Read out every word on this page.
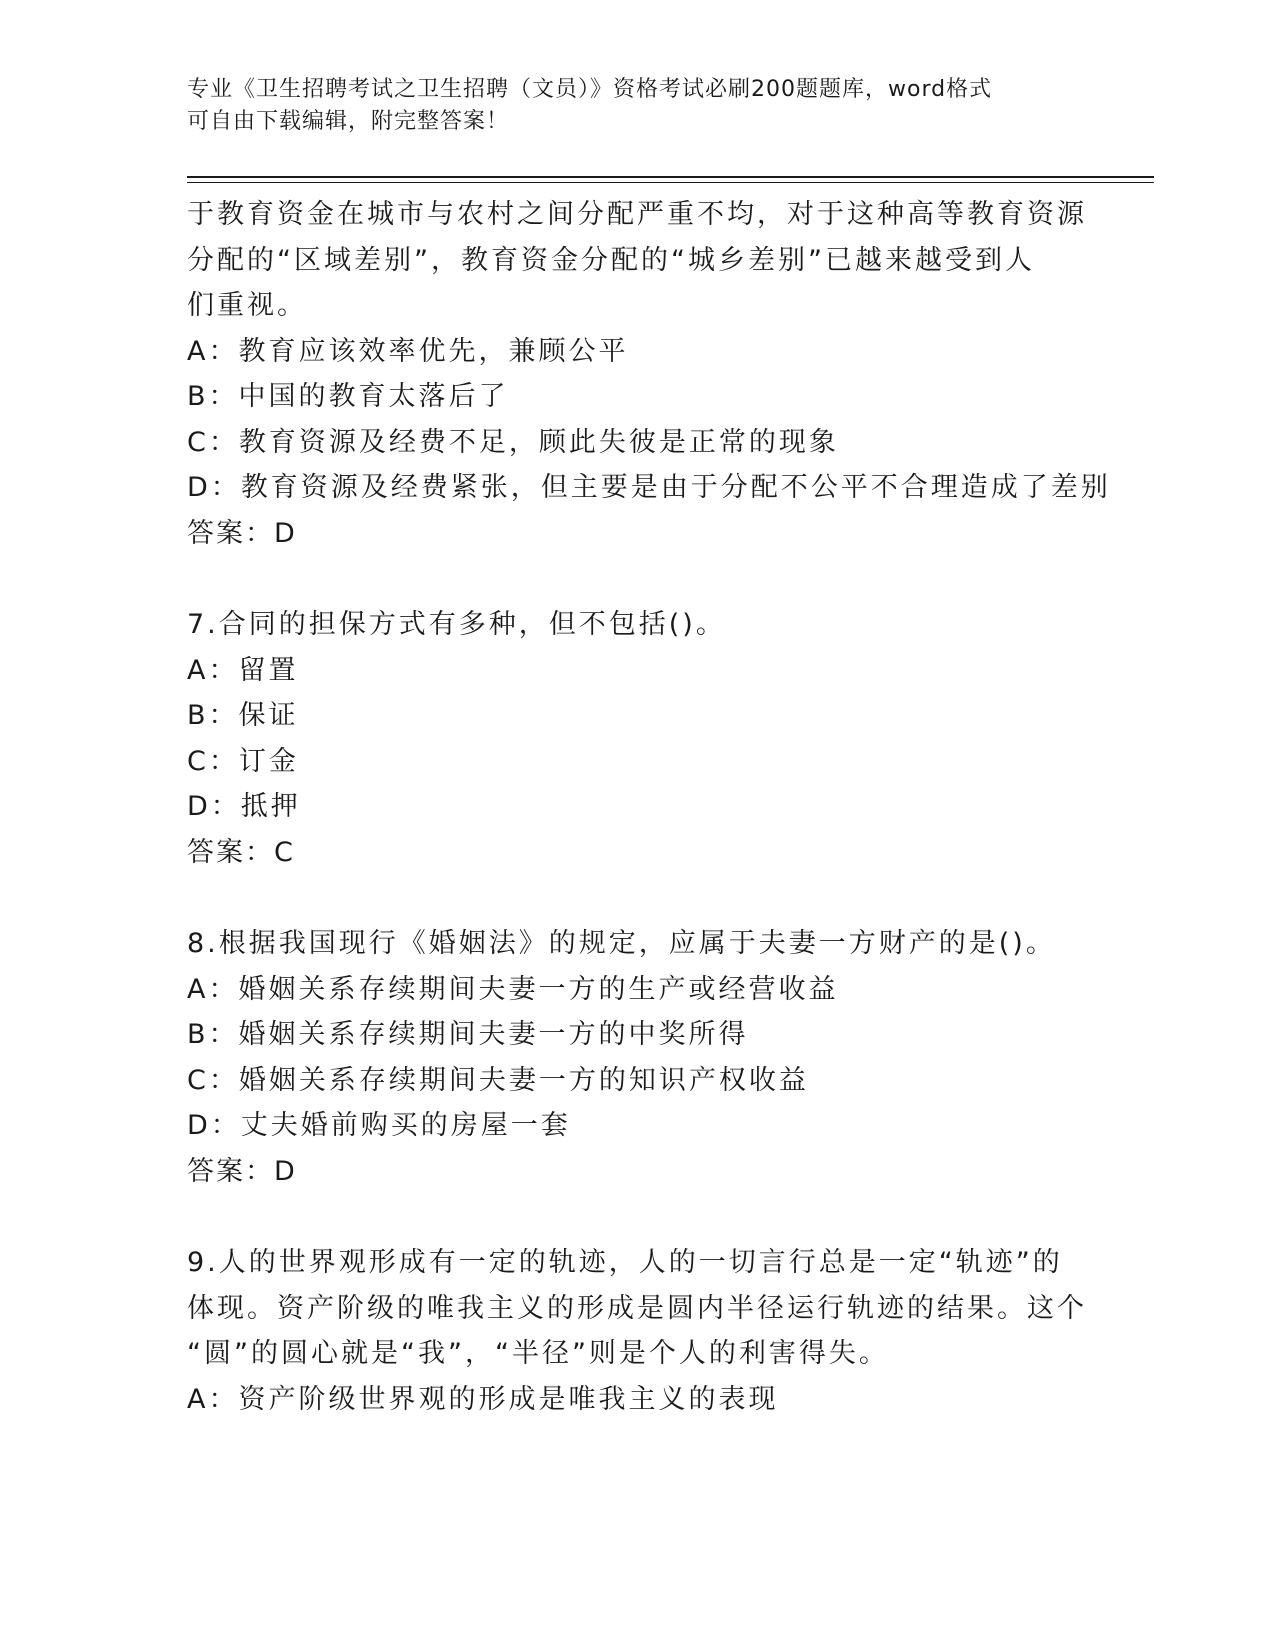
专业《卫生招聘考试之卫生招聘（文员）》资格考试必刷200题题库，word格式
可自由下载编辑，附完整答案！
于教育资金在城市与农村之间分配严重不均，对于这种高等教育资源
分配的“区域差别”，教育资金分配的“城乡差别”已越来越受到人
们重视。
A：教育应该效率优先，兼顾公平
B：中国的教育太落后了
C：教育资源及经费不足，顾此失彼是正常的现象
D：教育资源及经费紧张，但主要是由于分配不公平不合理造成了差别
答案：D
7.合同的担保方式有多种，但不包括()。
A：留置
B：保证
C：订金
D：抵押
答案：C
8.根据我国现行《婚姻法》的规定，应属于夫妻一方财产的是()。
A：婚姻关系存续期间夫妻一方的生产或经营收益
B：婚姻关系存续期间夫妻一方的中奖所得
C：婚姻关系存续期间夫妻一方的知识产权收益
D：丈夫婚前购买的房屋一套
答案：D
9.人的世界观形成有一定的轨迹，人的一切言行总是一定“轨迹”的
体现。资产阶级的唯我主义的形成是圆内半径运行轨迹的结果。这个
“圆”的圆心就是“我”，“半径”则是个人的利害得失。
A：资产阶级世界观的形成是唯我主义的表现
